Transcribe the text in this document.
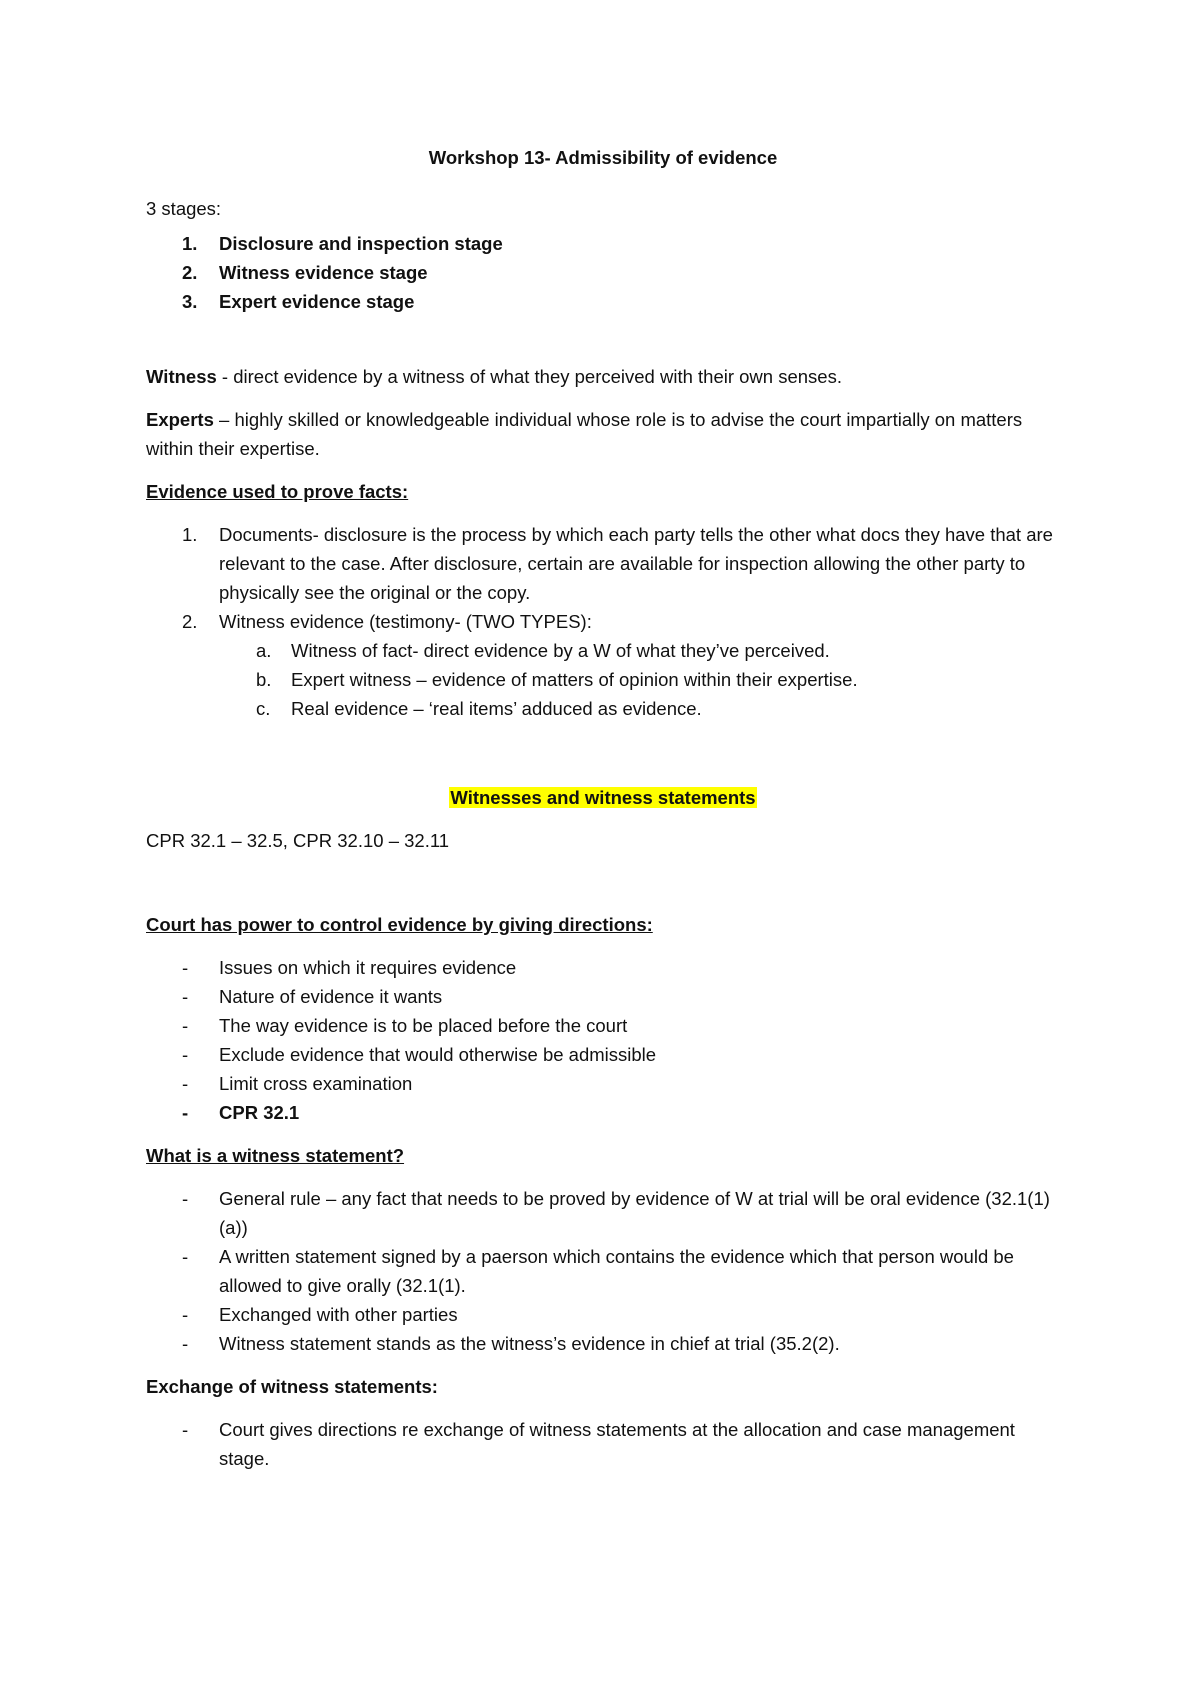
Workshop 13- Admissibility of evidence
3 stages:
1. Disclosure and inspection stage
2. Witness evidence stage
3. Expert evidence stage
Witness - direct evidence by a witness of what they perceived with their own senses.
Experts – highly skilled or knowledgeable individual whose role is to advise the court impartially on matters within their expertise.
Evidence used to prove facts:
1. Documents- disclosure is the process by which each party tells the other what docs they have that are relevant to the case. After disclosure, certain are available for inspection allowing the other party to physically see the original or the copy.
2. Witness evidence (testimony- (TWO TYPES):
a. Witness of fact- direct evidence by a W of what they’ve perceived.
b. Expert witness – evidence of matters of opinion within their expertise.
c. Real evidence – ‘real items’ adduced as evidence.
Witnesses and witness statements
CPR 32.1 – 32.5, CPR 32.10 – 32.11
Court has power to control evidence by giving directions:
- Issues on which it requires evidence
- Nature of evidence it wants
- The way evidence is to be placed before the court
- Exclude evidence that would otherwise be admissible
- Limit cross examination
- CPR 32.1
What is a witness statement?
- General rule – any fact that needs to be proved by evidence of W at trial will be oral evidence (32.1(1)(a))
- A written statement signed by a paerson which contains the evidence which that person would be allowed to give orally (32.1(1).
- Exchanged with other parties
- Witness statement stands as the witness’s evidence in chief at trial (35.2(2).
Exchange of witness statements:
- Court gives directions re exchange of witness statements at the allocation and case management stage.
